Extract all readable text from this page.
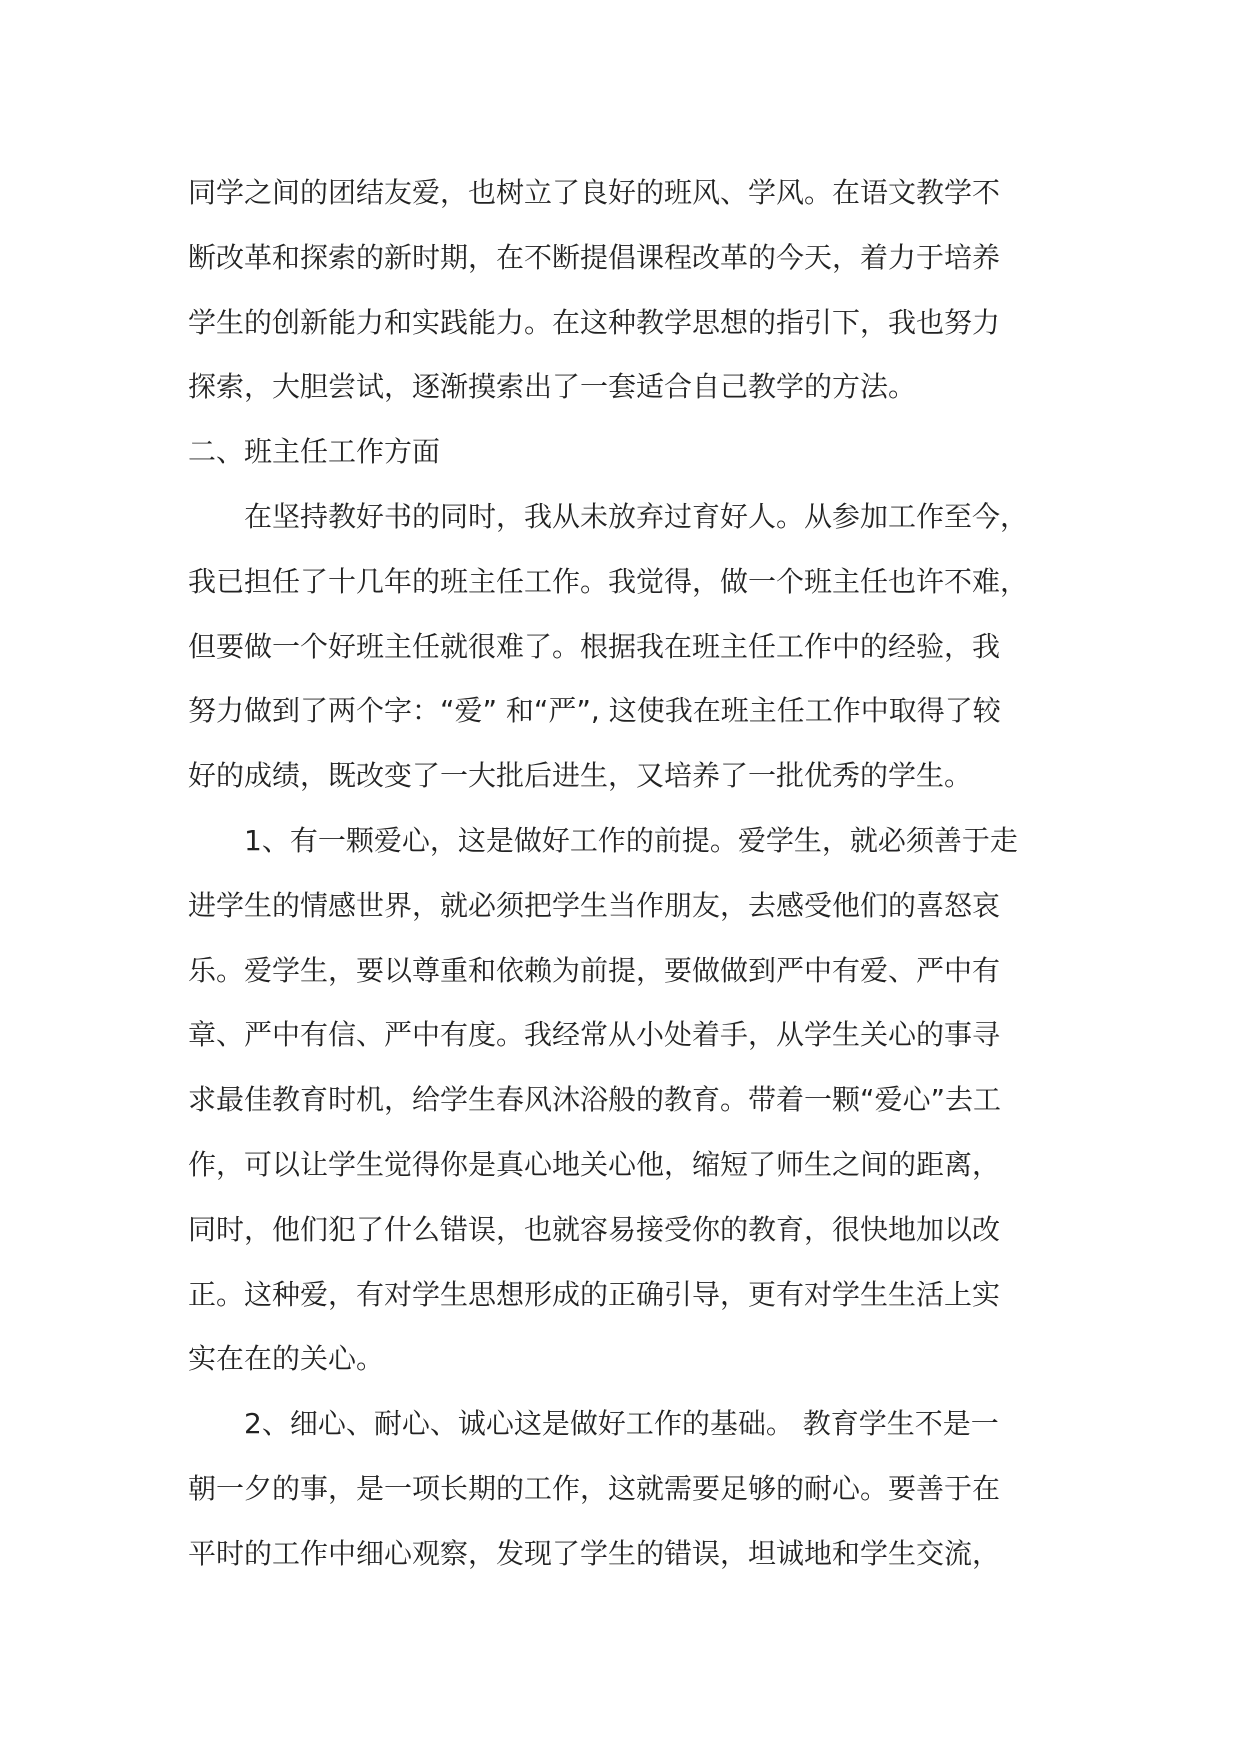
同学之间的团结友爱，也树立了良好的班风、学风。在语文教学不
断改革和探索的新时期，在不断提倡课程改革的今天，着力于培养
学生的创新能力和实践能力。在这种教学思想的指引下，我也努力
探索，大胆尝试，逐渐摸索出了一套适合自己教学的方法。
二、班主任工作方面
在坚持教好书的同时，我从未放弃过育好人。从参加工作至今，
我已担任了十几年的班主任工作。我觉得，做一个班主任也许不难，
但要做一个好班主任就很难了。根据我在班主任工作中的经验，我
努力做到了两个字：“爱” 和“严”, 这使我在班主任工作中取得了较
好的成绩，既改变了一大批后进生，又培养了一批优秀的学生。
1、有一颗爱心，这是做好工作的前提。爱学生，就必须善于走
进学生的情感世界，就必须把学生当作朋友，去感受他们的喜怒哀
乐。爱学生，要以尊重和依赖为前提，要做做到严中有爱、严中有
章、严中有信、严中有度。我经常从小处着手，从学生关心的事寻
求最佳教育时机，给学生春风沐浴般的教育。带着一颗“爱心”去工
作，可以让学生觉得你是真心地关心他，缩短了师生之间的距离，
同时，他们犯了什么错误，也就容易接受你的教育，很快地加以改
正。这种爱，有对学生思想形成的正确引导，更有对学生生活上实
实在在的关心。
2、细心、耐心、诚心这是做好工作的基础。 教育学生不是一
朝一夕的事，是一项长期的工作，这就需要足够的耐心。要善于在
平时的工作中细心观察，发现了学生的错误，坦诚地和学生交流，
